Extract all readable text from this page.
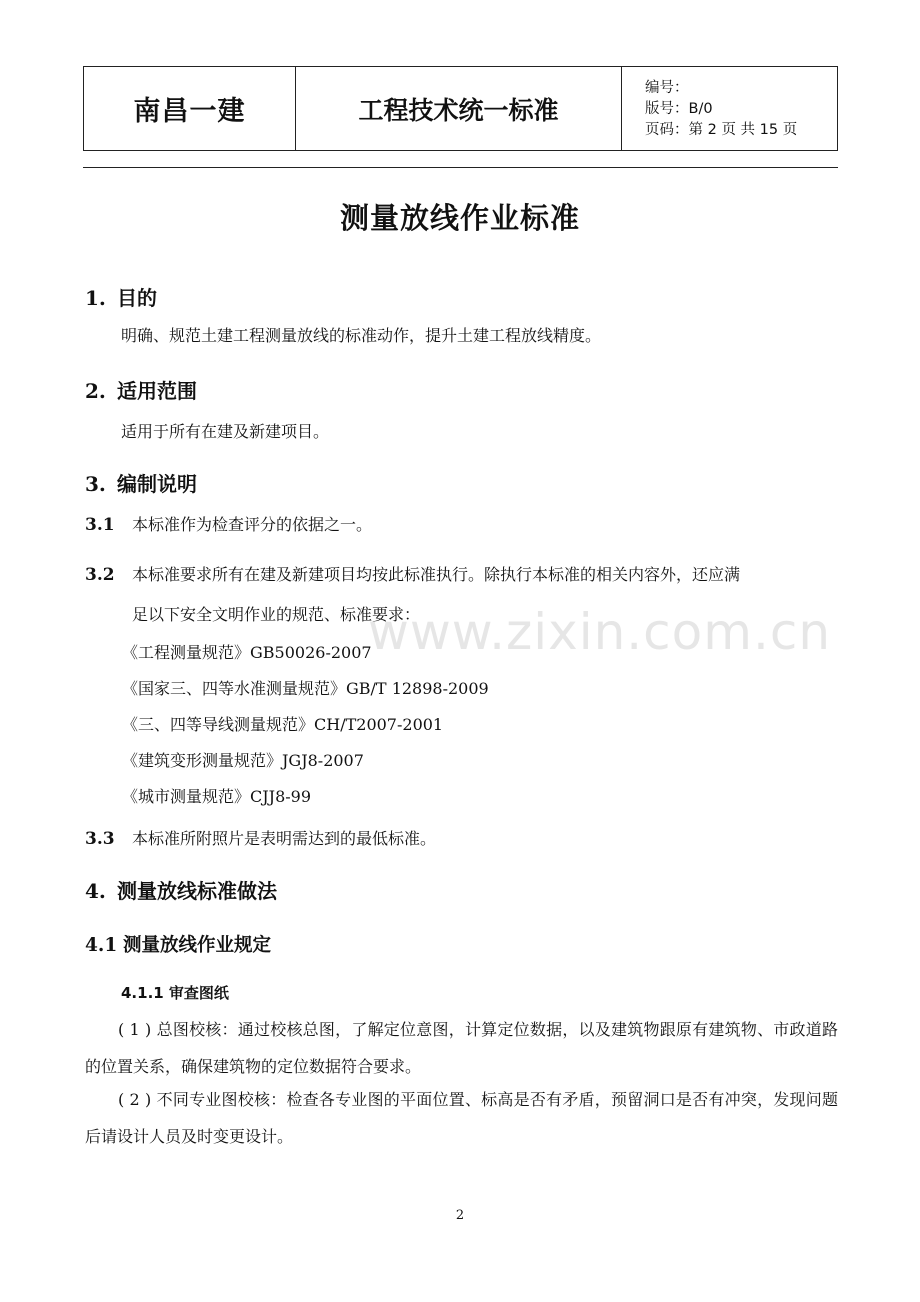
南昌一建	工程技术统一标准
编号：
版号：B/0
页码：第 2 页 共 15 页
测量放线作业标准
1. 目的
明确、规范土建工程测量放线的标准动作，提升土建工程放线精度。
2. 适用范围
适用于所有在建及新建项目。
3. 编制说明
3.1 本标准作为检查评分的依据之一。
3.2 本标准要求所有在建及新建项目均按此标准执行。除执行本标准的相关内容外，还应满
足以下安全文明作业的规范、标准要求：
《工程测量规范》GB50026-2007
《国家三、四等水准测量规范》GB/T 12898-2009
《三、四等导线测量规范》CH/T2007-2001
《建筑变形测量规范》JGJ8-2007
《城市测量规范》CJJ8-99
3.3 本标准所附照片是表明需达到的最低标准。
4. 测量放线标准做法
4.1 测量放线作业规定
4.1.1 审查图纸
( 1 ) 总图校核：通过校核总图，了解定位意图，计算定位数据，以及建筑物跟原有建筑物、市政道路的位置关系，确保建筑物的定位数据符合要求。
( 2 ) 不同专业图校核：检查各专业图的平面位置、标高是否有矛盾，预留洞口是否有冲突，发现问题后请设计人员及时变更设计。
www.zixin.com.cn
2
